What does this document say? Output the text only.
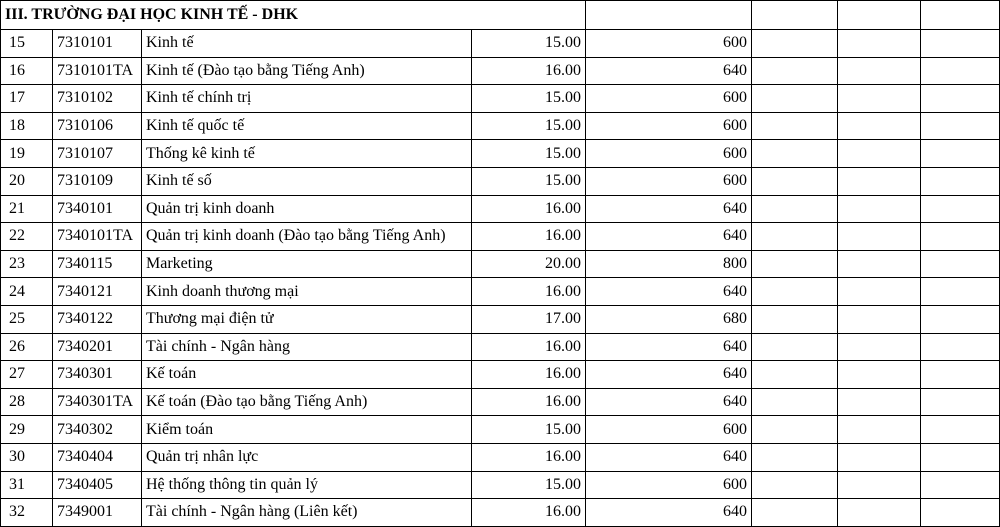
III. TRƯỜNG ĐẠI HỌC KINH TẾ - DHK								
15	7310101	Kinh tế	15.00	600				
16	7310101TA	Kinh tế (Đào tạo bằng Tiếng Anh)	16.00	640				
17	7310102	Kinh tế chính trị	15.00	600				
18	7310106	Kinh tế quốc tế	15.00	600				
19	7310107	Thống kê kinh tế	15.00	600				
20	7310109	Kinh tế số	15.00	600				
21	7340101	Quản trị kinh doanh	16.00	640				
22	7340101TA	Quản trị kinh doanh (Đào tạo bằng Tiếng Anh)	16.00	640				
23	7340115	Marketing	20.00	800				
24	7340121	Kinh doanh thương mại	16.00	640				
25	7340122	Thương mại điện tử	17.00	680				
26	7340201	Tài chính - Ngân hàng	16.00	640				
27	7340301	Kế toán	16.00	640				
28	7340301TA	Kế toán (Đào tạo bằng Tiếng Anh)	16.00	640				
29	7340302	Kiểm toán	15.00	600				
30	7340404	Quản trị nhân lực	16.00	640				
31	7340405	Hệ thống thông tin quản lý	15.00	600				
32	7349001	Tài chính - Ngân hàng (Liên kết)	16.00	640				
